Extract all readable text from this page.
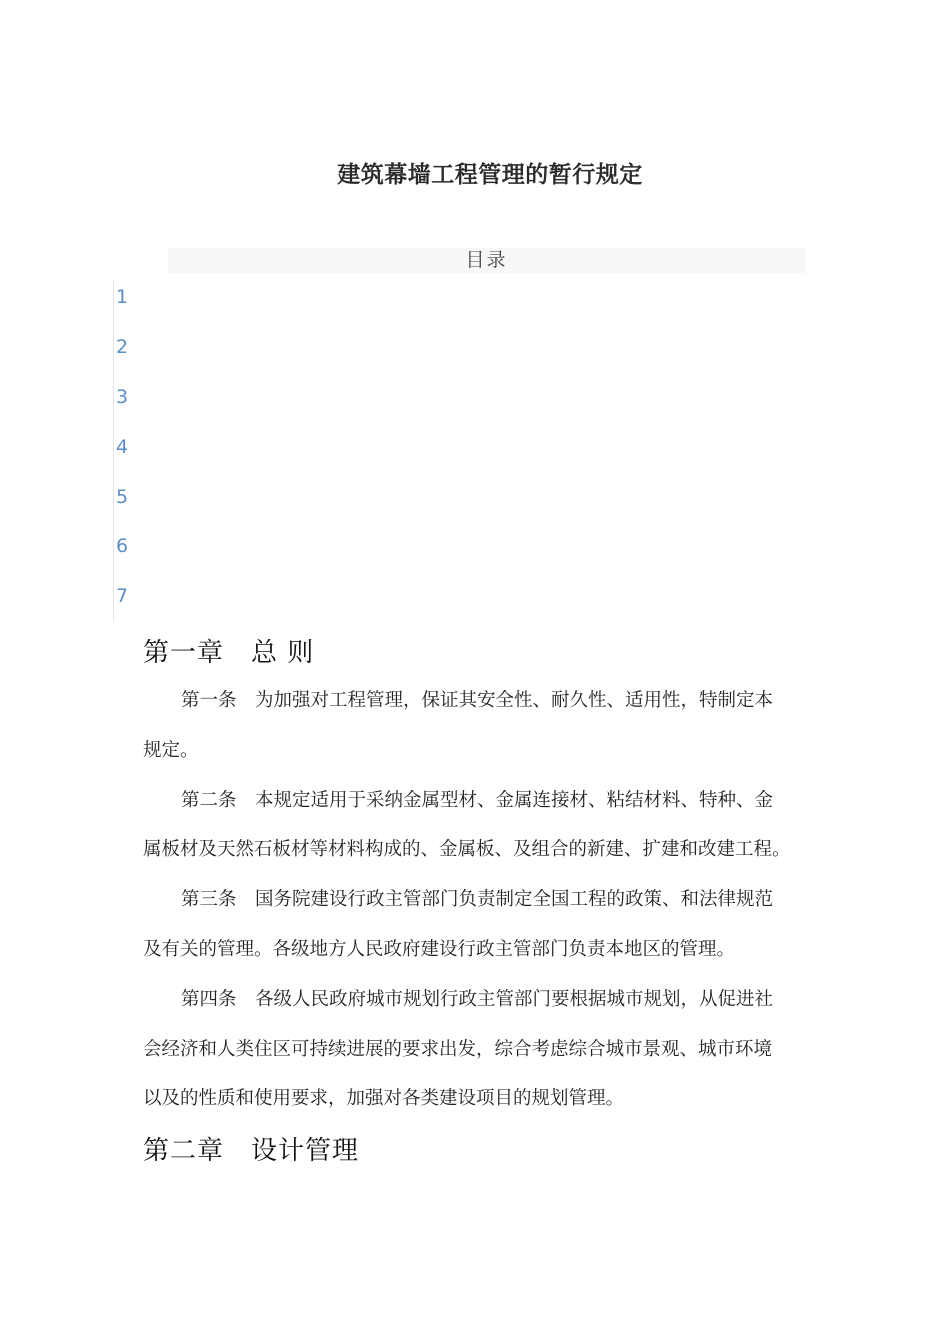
建筑幕墙工程管理的暂行规定
目录
1
2
3
4
5
6
7
第一章　总 则
第一条　为加强对工程管理，保证其安全性、耐久性、适用性，特制定本
规定。
第二条　本规定适用于采纳金属型材、金属连接材、粘结材料、特种、金
属板材及天然石板材等材料构成的、金属板、及组合的新建、扩建和改建工程。
第三条　国务院建设行政主管部门负责制定全国工程的政策、和法律规范
及有关的管理。各级地方人民政府建设行政主管部门负责本地区的管理。
第四条　各级人民政府城市规划行政主管部门要根据城市规划，从促进社
会经济和人类住区可持续进展的要求出发，综合考虑综合城市景观、城市环境
以及的性质和使用要求，加强对各类建设项目的规划管理。
第二章　设计管理
